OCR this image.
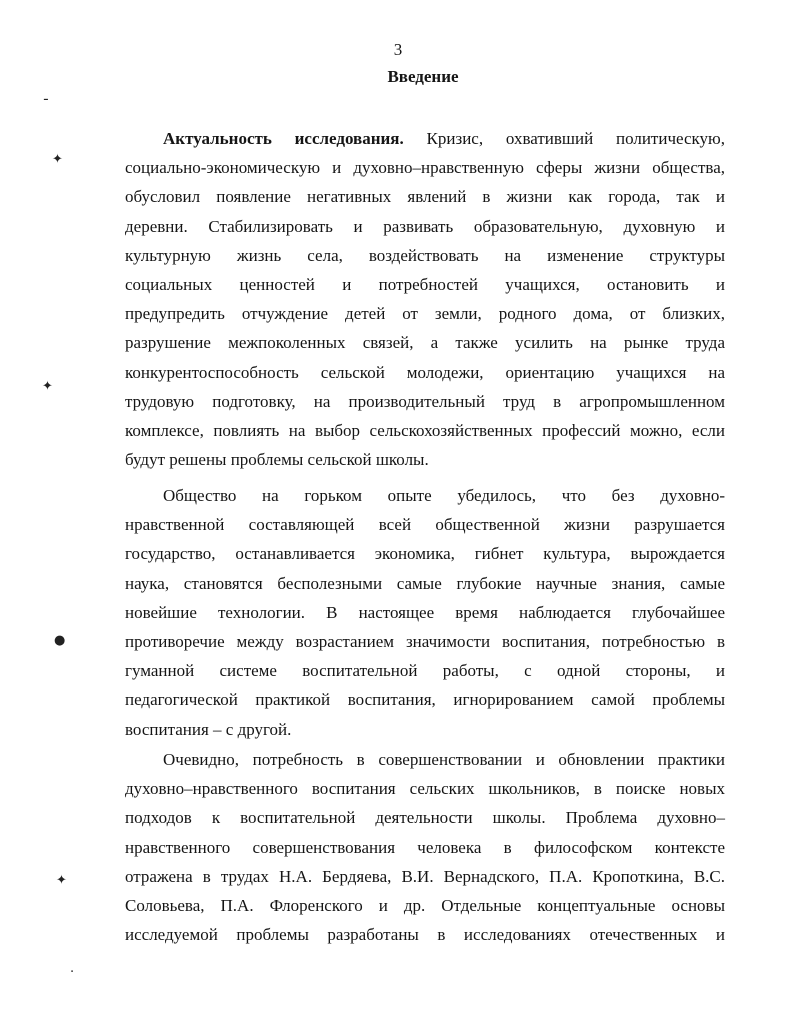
ـ
✦
✦
●
✦
·
3
Введение
Актуальность исследования. Кризис, охвативший политическую,
социально-экономическую и духовно–нравственную сферы жизни общества,
обусловил появление негативных явлений в жизни как города, так и
деревни. Стабилизировать и развивать образовательную, духовную и
культурную жизнь села, воздействовать на изменение структуры
социальных ценностей и потребностей учащихся, остановить и
предупредить отчуждение детей от земли, родного дома, от близких,
разрушение межпоколенных связей, а также усилить на рынке труда
конкурентоспособность сельской молодежи, ориентацию учащихся на
трудовую подготовку, на производительный труд в агропромышленном
комплексе, повлиять на выбор сельскохозяйственных профессий можно, если
будут решены проблемы сельской школы.
Общество на горьком опыте убедилось, что без духовно-
нравственной составляющей всей общественной жизни разрушается
государство, останавливается экономика, гибнет культура, вырождается
наука, становятся бесполезными самые глубокие научные знания, самые
новейшие технологии. В настоящее время наблюдается глубочайшее
противоречие между возрастанием значимости воспитания, потребностью в
гуманной системе воспитательной работы, с одной стороны, и
педагогической практикой воспитания, игнорированием самой проблемы
воспитания – с другой.
Очевидно, потребность в совершенствовании и обновлении практики
духовно–нравственного воспитания сельских школьников, в поиске новых
подходов к воспитательной деятельности школы. Проблема духовно–
нравственного совершенствования человека в философском контексте
отражена в трудах Н.А. Бердяева, В.И. Вернадского, П.А. Кропоткина, В.С.
Соловьева, П.А. Флоренского и др. Отдельные концептуальные основы
исследуемой проблемы разработаны в исследованиях отечественных и
